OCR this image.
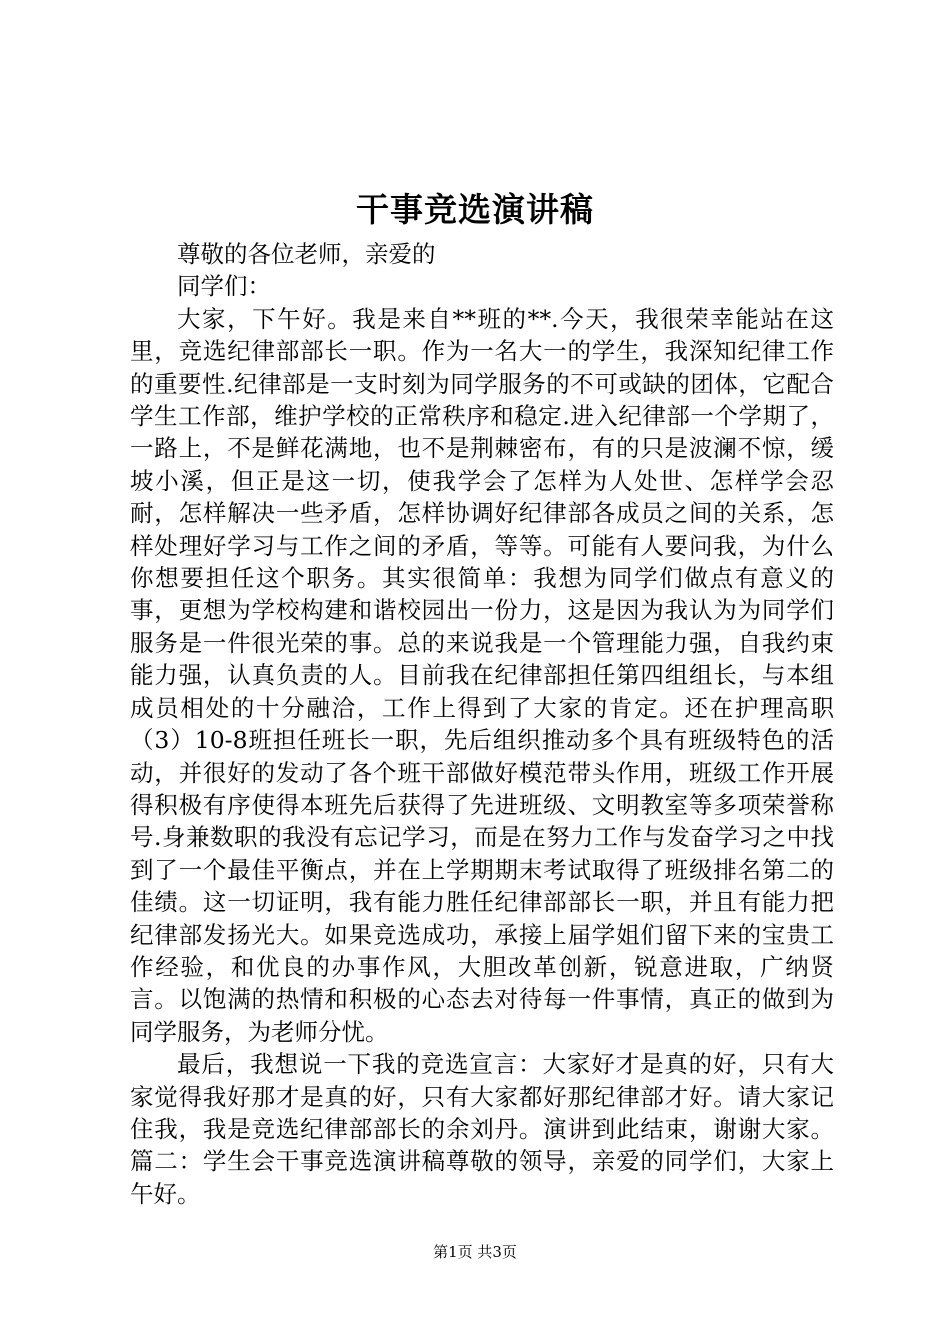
干事竞选演讲稿

尊敬的各位老师，亲爱的

同学们：

大家，下午好。我是来自**班的**.今天，我很荣幸能站在这里，竞选纪律部部长一职。作为一名大一的学生，我深知纪律工作的重要性.纪律部是一支时刻为同学服务的不可或缺的团体，它配合学生工作部，维护学校的正常秩序和稳定.进入纪律部一个学期了，一路上，不是鲜花满地，也不是荆棘密布，有的只是波澜不惊，缓坡小溪，但正是这一切，使我学会了怎样为人处世、怎样学会忍耐，怎样解决一些矛盾，怎样协调好纪律部各成员之间的关系，怎样处理好学习与工作之间的矛盾，等等。可能有人要问我，为什么你想要担任这个职务。其实很简单：我想为同学们做点有意义的事，更想为学校构建和谐校园出一份力，这是因为我认为为同学们服务是一件很光荣的事。总的来说我是一个管理能力强，自我约束能力强，认真负责的人。目前我在纪律部担任第四组组长，与本组成员相处的十分融洽，工作上得到了大家的肯定。还在护理高职（3）10-8班担任班长一职，先后组织推动多个具有班级特色的活动，并很好的发动了各个班干部做好模范带头作用，班级工作开展得积极有序使得本班先后获得了先进班级、文明教室等多项荣誉称号.身兼数职的我没有忘记学习，而是在努力工作与发奋学习之中找到了一个最佳平衡点，并在上学期期末考试取得了班级排名第二的佳绩。这一切证明，我有能力胜任纪律部部长一职，并且有能力把纪律部发扬光大。如果竞选成功，承接上届学姐们留下来的宝贵工作经验，和优良的办事作风，大胆改革创新，锐意进取，广纳贤言。以饱满的热情和积极的心态去对待每一件事情，真正的做到为同学服务，为老师分忧。

最后，我想说一下我的竞选宣言：大家好才是真的好，只有大家觉得我好那才是真的好，只有大家都好那纪律部才好。请大家记住我，我是竞选纪律部部长的余刘丹。演讲到此结束，谢谢大家。篇二：学生会干事竞选演讲稿尊敬的领导，亲爱的同学们，大家上午好。

第1页 共3页
